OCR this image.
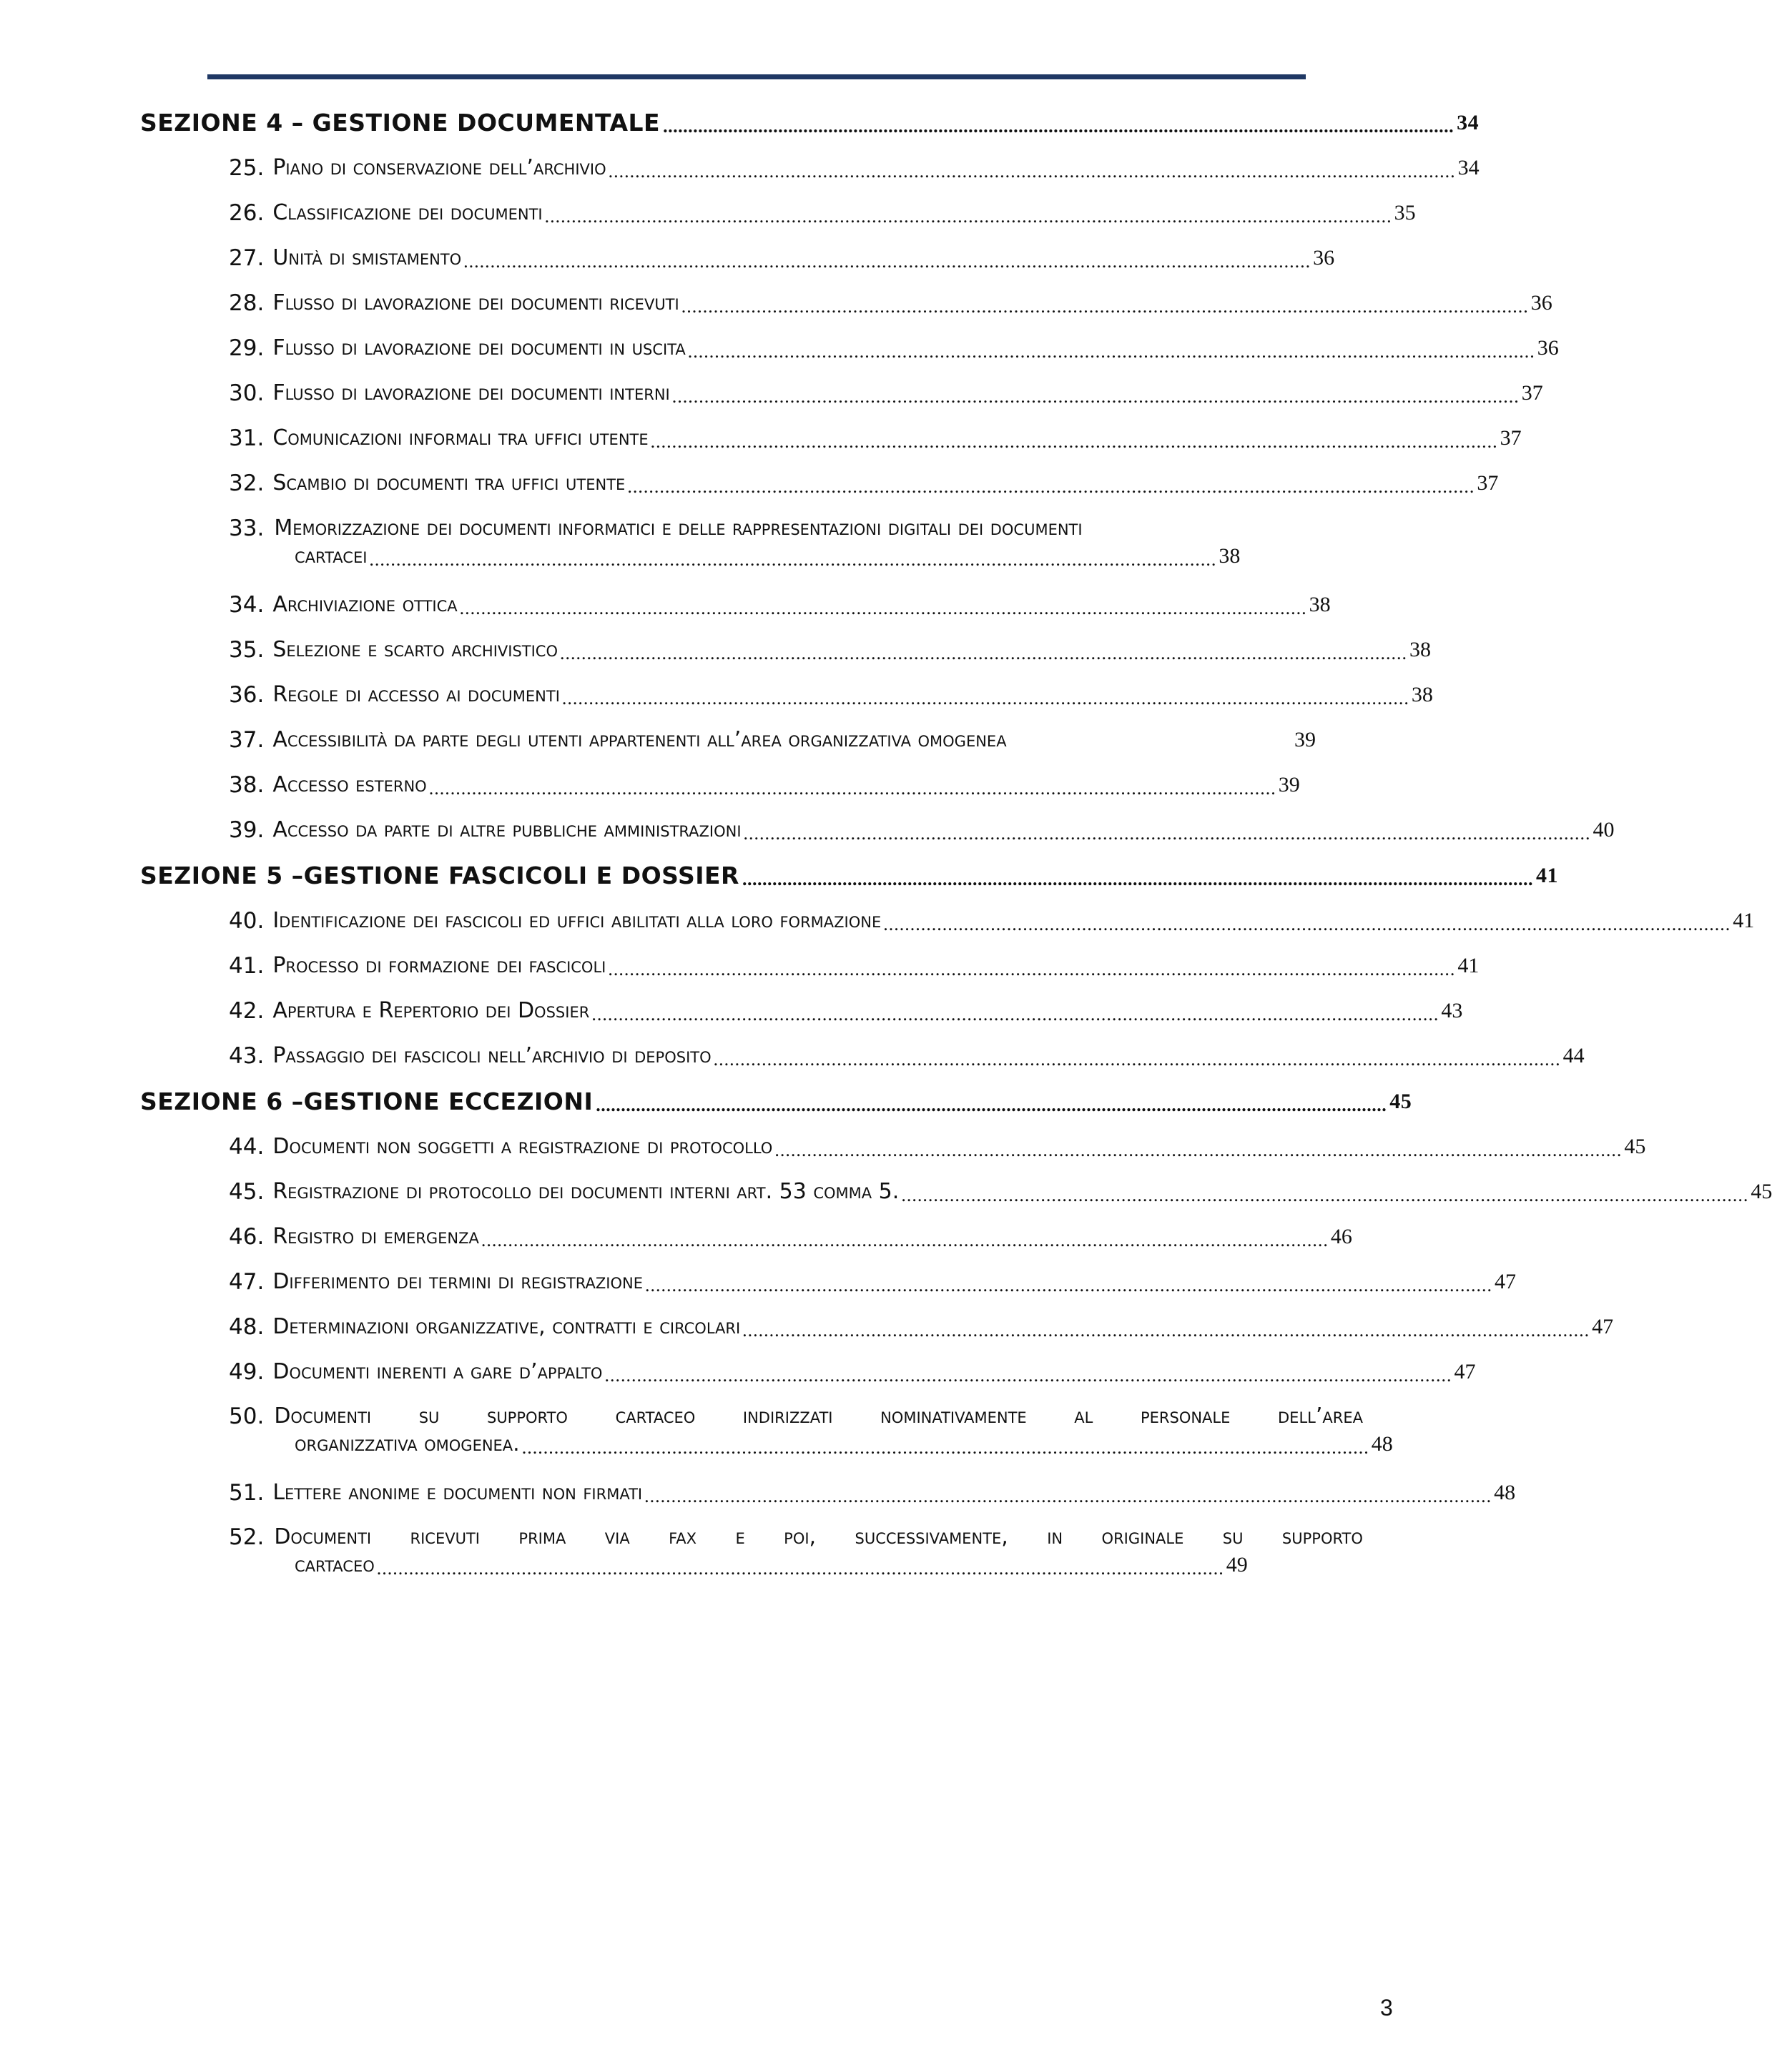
SEZIONE 4 – GESTIONE DOCUMENTALE .............................................................................................................................................................. 34
25. Piano di conservazione dell’archivio .............................................................................................................................................................. 34
26. Classificazione dei documenti .............................................................................................................................................................. 35
27. Unità di smistamento .............................................................................................................................................................. 36
28. Flusso di lavorazione dei documenti ricevuti .............................................................................................................................................................. 36
29. Flusso di lavorazione dei documenti in uscita .............................................................................................................................................................. 36
30. Flusso di lavorazione dei documenti interni .............................................................................................................................................................. 37
31. Comunicazioni informali tra uffici utente .............................................................................................................................................................. 37
32. Scambio di documenti tra uffici utente .............................................................................................................................................................. 37
33. Memorizzazione dei documenti informatici e delle rappresentazioni digitali dei documenti
cartacei .............................................................................................................................................................. 38
34. Archiviazione ottica .............................................................................................................................................................. 38
35. Selezione e scarto archivistico .............................................................................................................................................................. 38
36. Regole di accesso ai documenti .............................................................................................................................................................. 38
37. Accessibilità da parte degli utenti appartenenti all’area organizzativa omogenea	39
38. Accesso esterno .............................................................................................................................................................. 39
39. Accesso da parte di altre pubbliche amministrazioni .............................................................................................................................................................. 40
SEZIONE 5 –GESTIONE FASCICOLI E DOSSIER .............................................................................................................................................................. 41
40. Identificazione dei fascicoli ed uffici abilitati alla loro formazione .............................................................................................................................................................. 41
41. Processo di formazione dei fascicoli .............................................................................................................................................................. 41
42. Apertura e Repertorio dei Dossier .............................................................................................................................................................. 43
43. Passaggio dei fascicoli nell’archivio di deposito .............................................................................................................................................................. 44
SEZIONE 6 –GESTIONE ECCEZIONI .............................................................................................................................................................. 45
44. Documenti non soggetti a registrazione di protocollo .............................................................................................................................................................. 45
45. Registrazione di protocollo dei documenti interni art. 53 comma 5. .............................................................................................................................................................. 45
46. Registro di emergenza .............................................................................................................................................................. 46
47. Differimento dei termini di registrazione .............................................................................................................................................................. 47
48. Determinazioni organizzative, contratti e circolari .............................................................................................................................................................. 47
49. Documenti inerenti a gare d’appalto .............................................................................................................................................................. 47
50. Documenti su supporto cartaceo indirizzati nominativamente al personale dell’area
organizzativa omogenea. .............................................................................................................................................................. 48
51. Lettere anonime e documenti non firmati .............................................................................................................................................................. 48
52. Documenti ricevuti prima via fax e poi, successivamente, in originale su supporto
cartaceo .............................................................................................................................................................. 49
3
